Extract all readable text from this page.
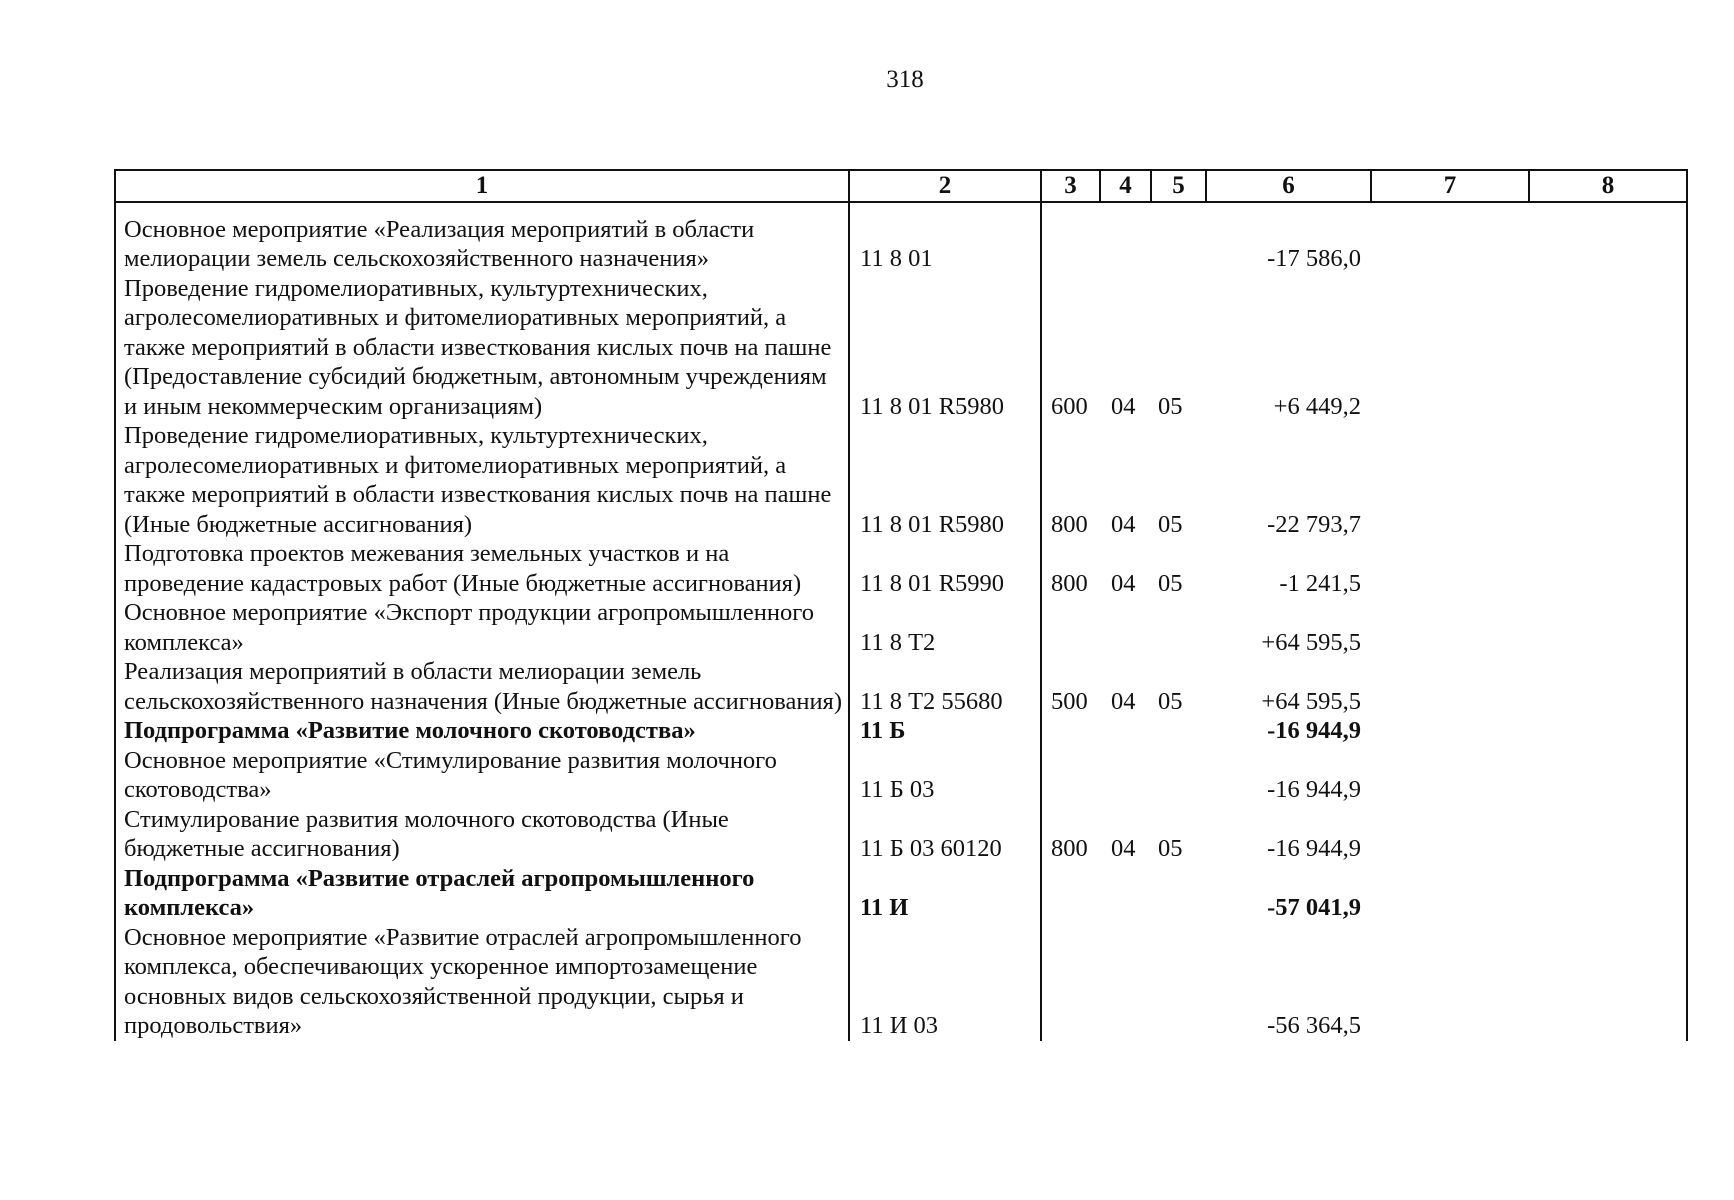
318
1	2	3	4	5	6	7	8
Основное мероприятие «Реализация мероприятий в области мелиорации земель сельскохозяйственного назначения»	11 8 01				-17 586,0		
Проведение гидромелиоративных, культуртехнических, агролесомелиоративных и фитомелиоративных мероприятий, а также мероприятий в области известкования кислых почв на пашне (Предоставление субсидий бюджетным, автономным учреждениям и иным некоммерческим организациям)	11 8 01 R5980	600	04	05	+6 449,2		
Проведение гидромелиоративных, культуртехнических, агролесомелиоративных и фитомелиоративных мероприятий, а также мероприятий в области известкования кислых почв на пашне (Иные бюджетные ассигнования)	11 8 01 R5980	800	04	05	-22 793,7		
Подготовка проектов межевания земельных участков и на проведение кадастровых работ (Иные бюджетные ассигнования)	11 8 01 R5990	800	04	05	-1 241,5		
Основное мероприятие «Экспорт продукции агропромышленного комплекса»	11 8 Т2				+64 595,5		
Реализация мероприятий в области мелиорации земель сельскохозяйственного назначения (Иные бюджетные ассигнования)	11 8 Т2 55680	500	04	05	+64 595,5		
Подпрограмма «Развитие молочного скотоводства»	11 Б				-16 944,9		
Основное мероприятие «Стимулирование развития молочного скотоводства»	11 Б 03				-16 944,9		
Стимулирование развития молочного скотоводства (Иные бюджетные ассигнования)	11 Б 03 60120	800	04	05	-16 944,9		
Подпрограмма «Развитие отраслей агропромышленного комплекса»	11 И				-57 041,9		
Основное мероприятие «Развитие отраслей агропромышленного комплекса, обеспечивающих ускоренное импортозамещение основных видов сельскохозяйственной продукции, сырья и продовольствия»	11 И 03				-56 364,5		
